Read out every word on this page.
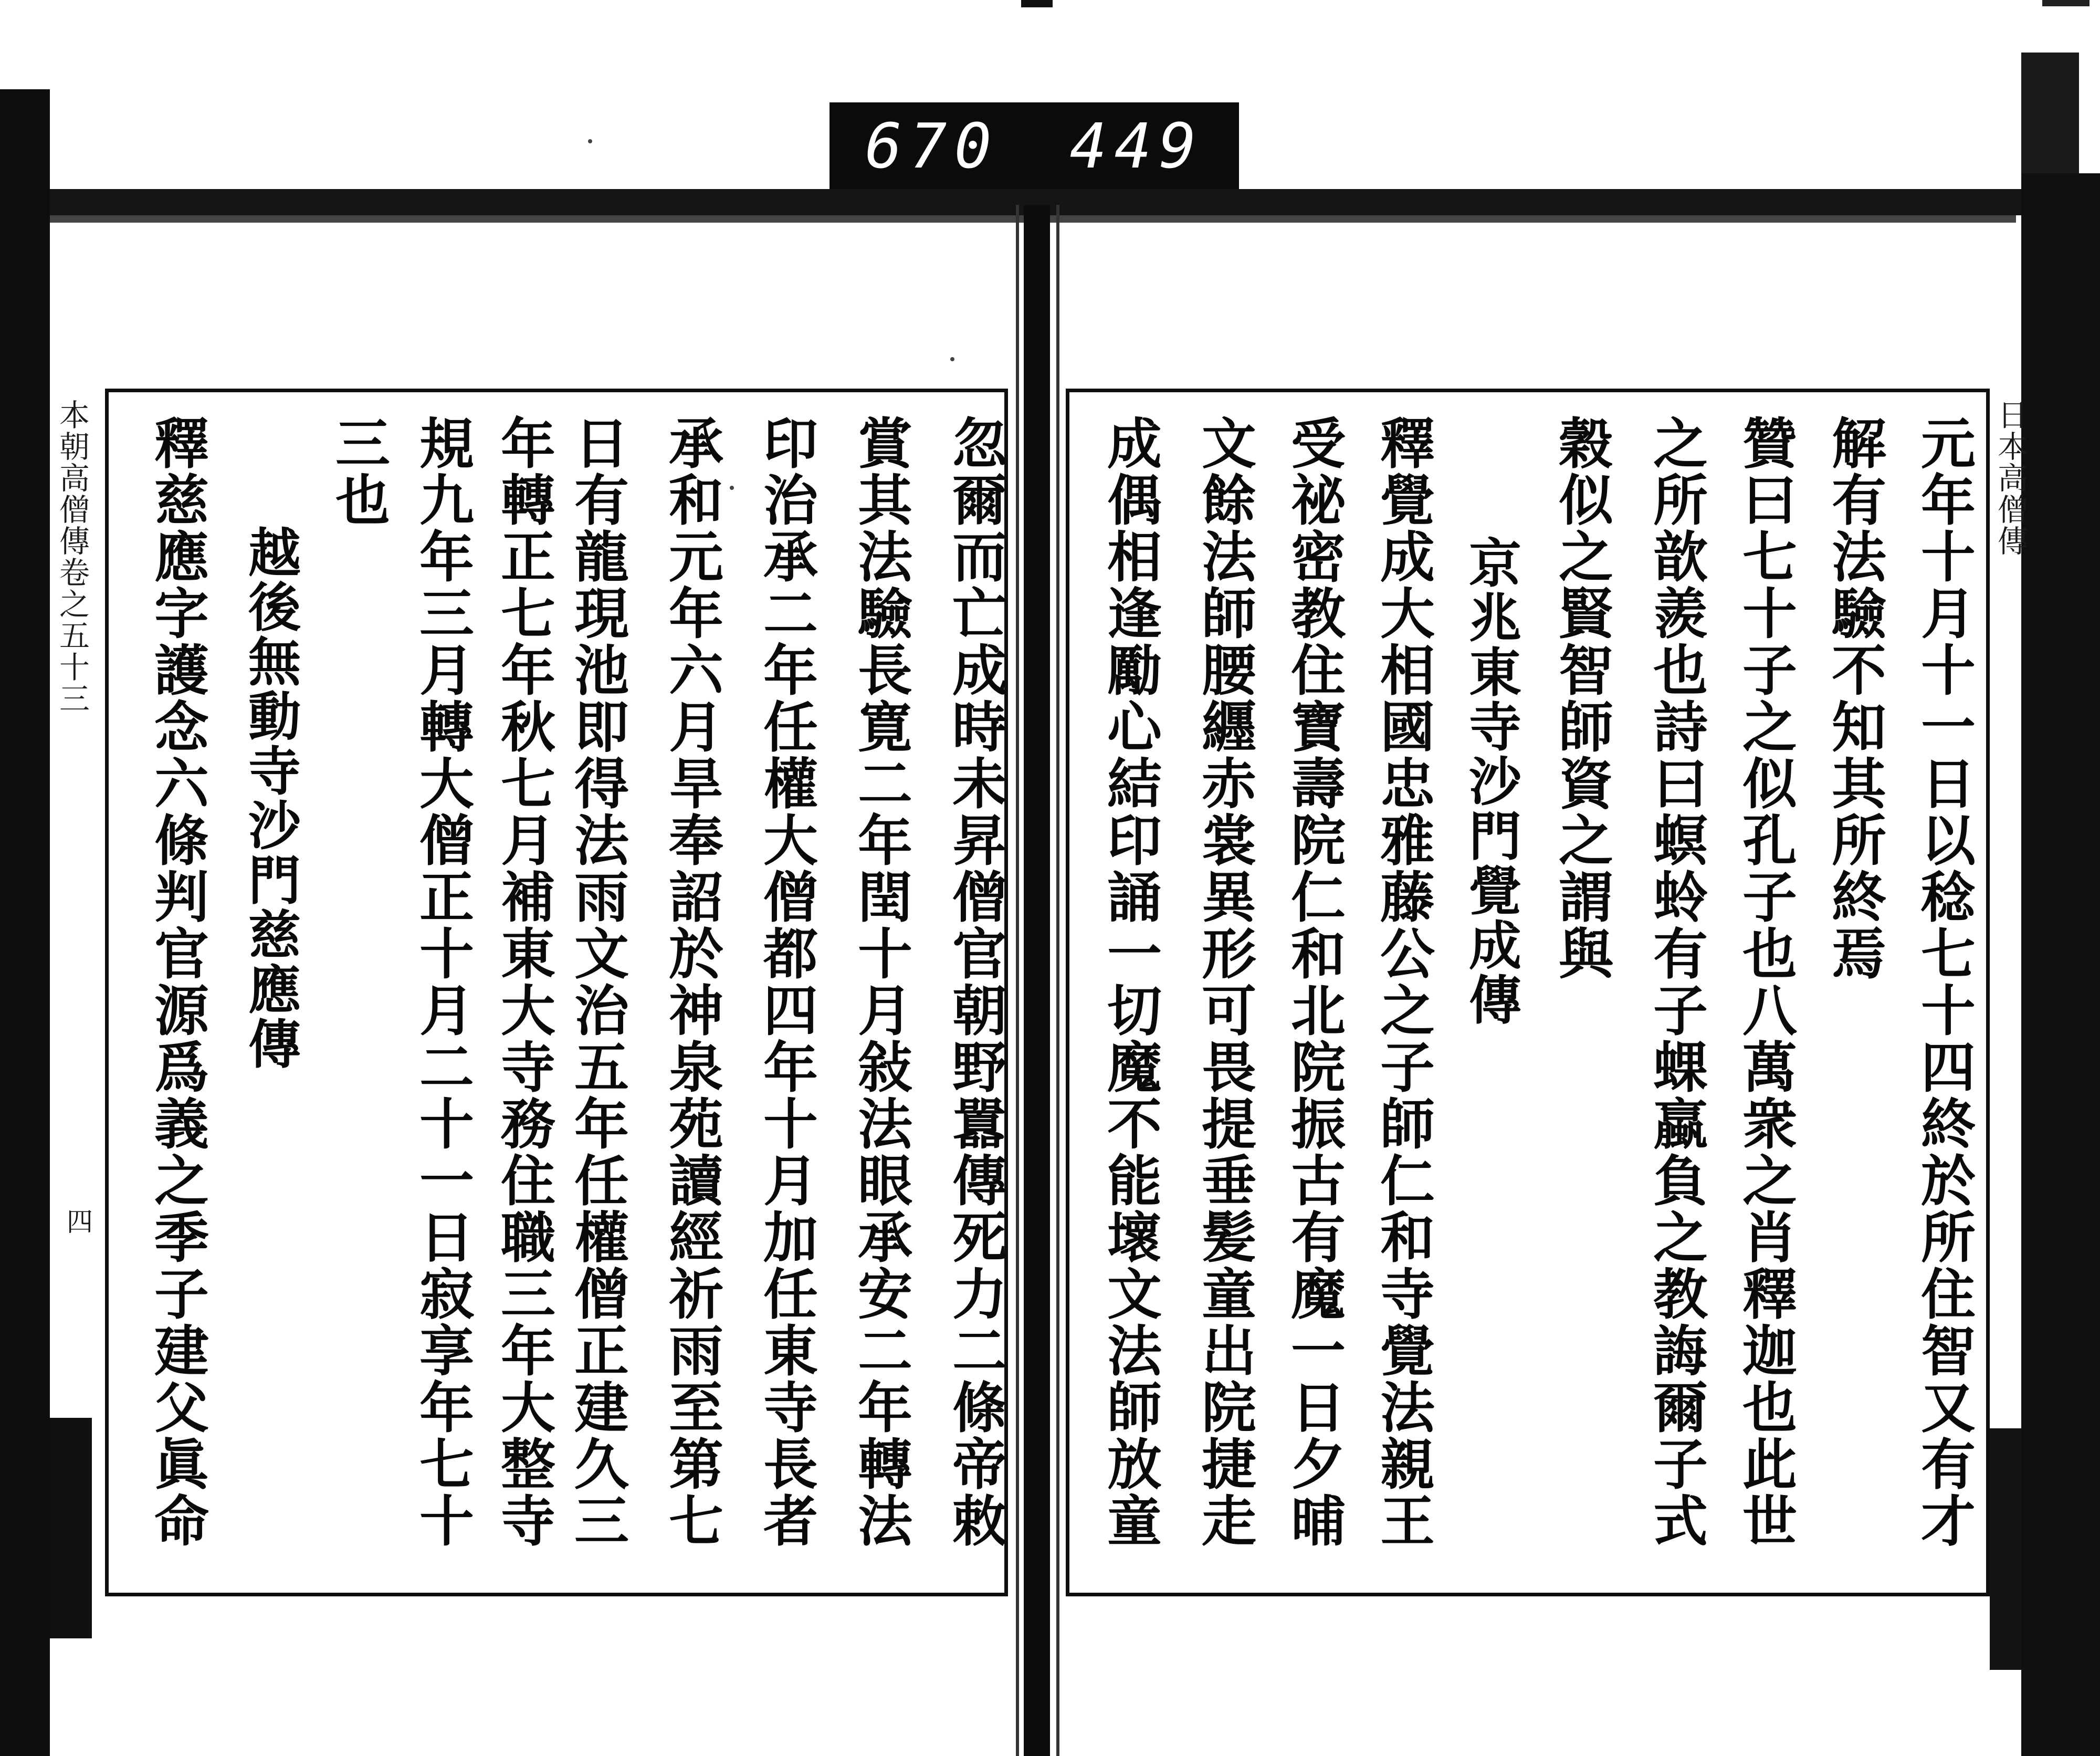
670 449
本朝高僧傳卷之五十三
四	忽爾而亡成時未昇僧官朝野囂傳死力二條帝敕
賞其法驗長寛二年閏十月敍法眼承安二年轉法
印治承二年任權大僧都四年十月加任東寺長者
承和元年六月旱奉詔於神泉苑讀經祈雨至第七
日有龍現池即得法雨文治五年任權僧正建久三
年轉正七年秋七月補東大寺務住職三年大整寺
規九年三月轉大僧正十月二十一日寂享年七十
三也
越後無動寺沙門慈應傳
釋慈應字護念六條判官源爲義之季子建父眞命	日本高僧傳
元年十月十一日以稔七十四終於所住智又有才
解有法驗不知其所終焉
贊曰七十子之似孔子也八萬衆之肖釋迦也此世
之所歆羨也詩曰螟蛉有子蜾蠃負之教誨爾子式
穀似之賢智師資之謂與
京兆東寺沙門覺成傳
釋覺成大相國忠雅藤公之子師仁和寺覺法親王
受祕密教住寶壽院仁和北院振古有魔一日夕晡
文餘法師腰纒赤裳異形可畏提垂髪童出院捷走
成偶相逢勵心結印誦一切魔不能壞文法師放童
